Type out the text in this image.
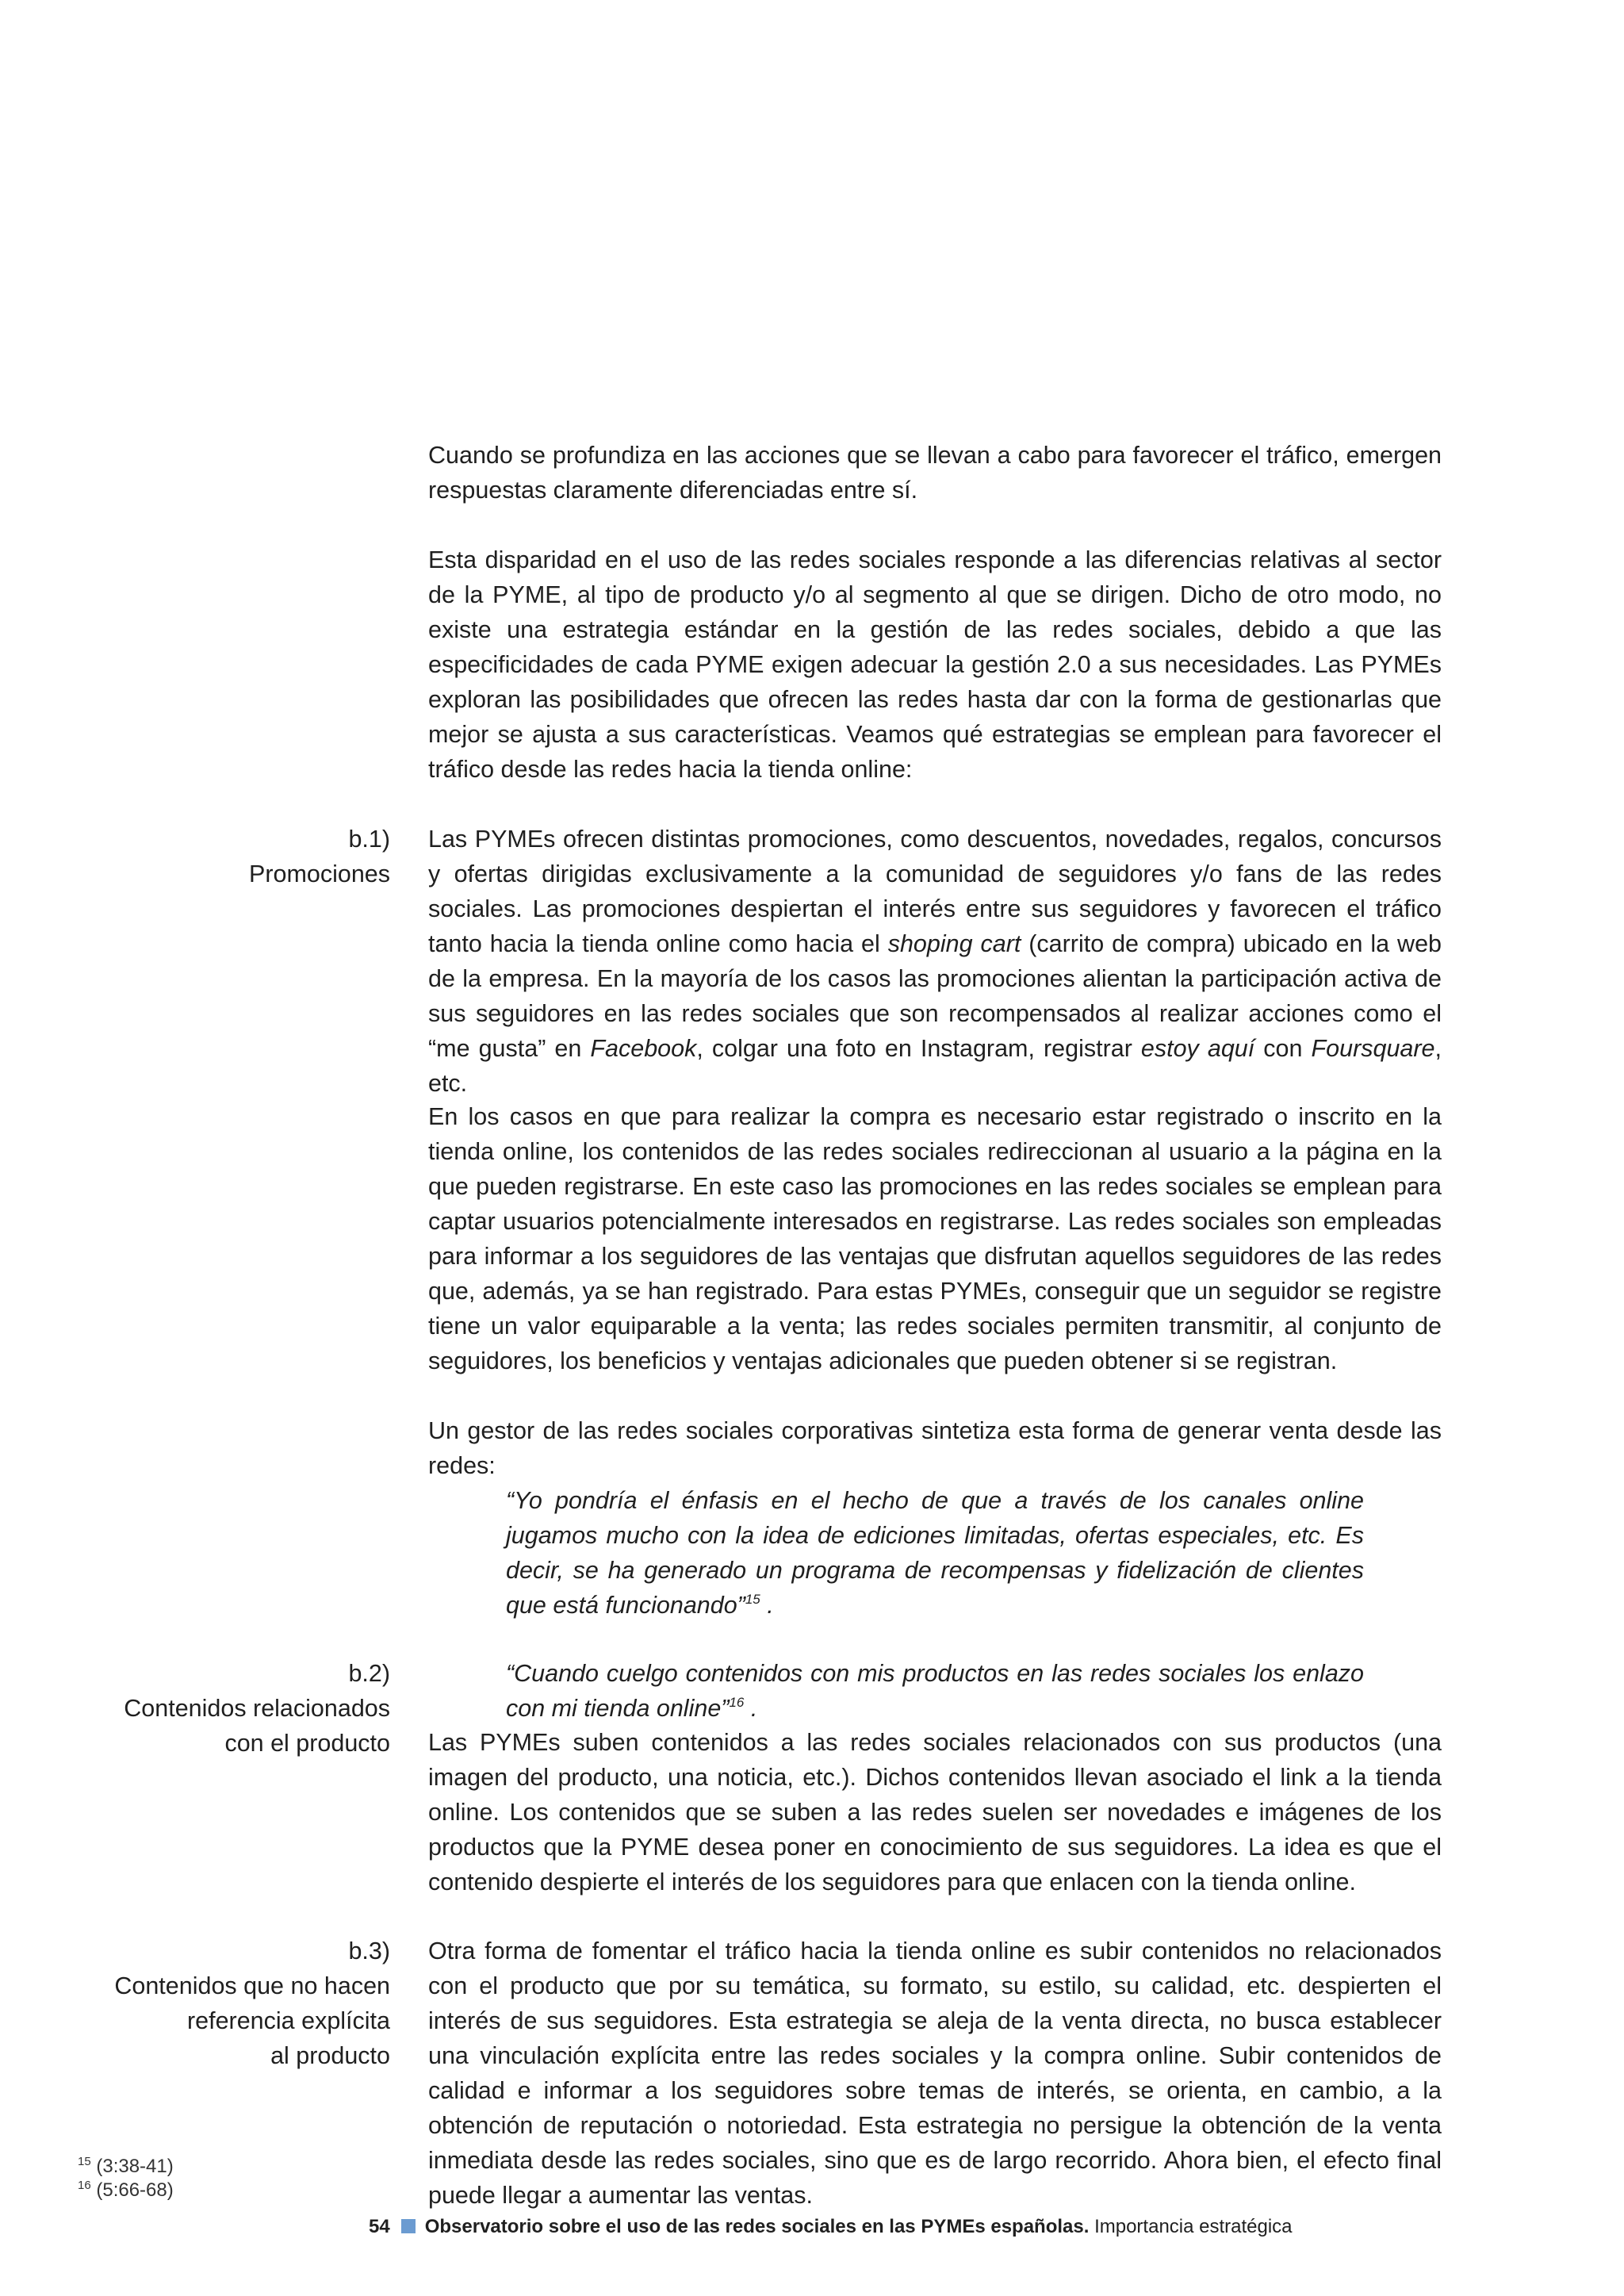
Cuando se profundiza en las acciones que se llevan a cabo para favorecer el tráfico, emergen respuestas claramente diferenciadas entre sí.

Esta disparidad en el uso de las redes sociales responde a las diferencias relativas al sector de la PYME, al tipo de producto y/o al segmento al que se dirigen. Dicho de otro modo, no existe una estrategia estándar en la gestión de las redes sociales, debido a que las especificidades de cada PYME exigen adecuar la gestión 2.0 a sus necesidades. Las PYMEs exploran las posibilidades que ofrecen las redes hasta dar con la forma de gestionarlas que mejor se ajusta a sus características. Veamos qué estrategias se emplean para favorecer el tráfico desde las redes hacia la tienda online:

Las PYMEs ofrecen distintas promociones, como descuentos, novedades, regalos, concursos y ofertas dirigidas exclusivamente a la comunidad de seguidores y/o fans de las redes sociales. Las promociones despiertan el interés entre sus seguidores y favorecen el tráfico tanto hacia la tienda online como hacia el shoping cart (carrito de compra) ubicado en la web de la empresa. En la mayoría de los casos las promociones alientan la participación activa de sus seguidores en las redes sociales que son recompensados al realizar acciones como el “me gusta” en Facebook, colgar una foto en Instagram, registrar estoy aquí con Foursquare, etc.

En los casos en que para realizar la compra es necesario estar registrado o inscrito en la tienda online, los contenidos de las redes sociales redireccionan al usuario a la página en la que pueden registrarse. En este caso las promociones en las redes sociales se emplean para captar usuarios potencialmente interesados en registrarse. Las redes sociales son empleadas para informar a los seguidores de las ventajas que disfrutan aquellos seguidores de las redes que, además, ya se han registrado. Para estas PYMEs, conseguir que un seguidor se registre tiene un valor equiparable a la venta; las redes sociales permiten transmitir, al conjunto de seguidores, los beneficios y ventajas adicionales que pueden obtener si se registran.

Un gestor de las redes sociales corporativas sintetiza esta forma de generar venta desde las redes:

“Yo pondría el énfasis en el hecho de que a través de los canales online jugamos mucho con la idea de ediciones limitadas, ofertas especiales, etc. Es decir, se ha generado un programa de recompensas y fidelización de clientes que está funcionando”$^{15}$ .

“Cuando cuelgo contenidos con mis productos en las redes sociales los enlazo con mi tienda online”$^{16}$ .

Las PYMEs suben contenidos a las redes sociales relacionados con sus productos (una imagen del producto, una noticia, etc.). Dichos contenidos llevan asociado el link a la tienda online. Los contenidos que se suben a las redes suelen ser novedades e imágenes de los productos que la PYME desea poner en conocimiento de sus seguidores. La idea es que el contenido despierte el interés de los seguidores para que enlacen con la tienda online.

Otra forma de fomentar el tráfico hacia la tienda online es subir contenidos no relacionados con el producto que por su temática, su formato, su estilo, su calidad, etc. despierten el interés de sus seguidores. Esta estrategia se aleja de la venta directa, no busca establecer una vinculación explícita entre las redes sociales y la compra online. Subir contenidos de calidad e informar a los seguidores sobre temas de interés, se orienta, en cambio, a la obtención de reputación o notoriedad. Esta estrategia no persigue la obtención de la venta inmediata desde las redes sociales, sino que es de largo recorrido. Ahora bien, el efecto final puede llegar a aumentar las ventas.

b.1)
Promociones
b.2)
Contenidos relacionados
con el producto
b.3)
Contenidos que no hacen
referencia explícita
al producto
$^{15}$ (3:38-41)
$^{16}$ (5:66-68)
54 Observatorio sobre el uso de las redes sociales en las PYMEs españolas. Importancia estratégica
